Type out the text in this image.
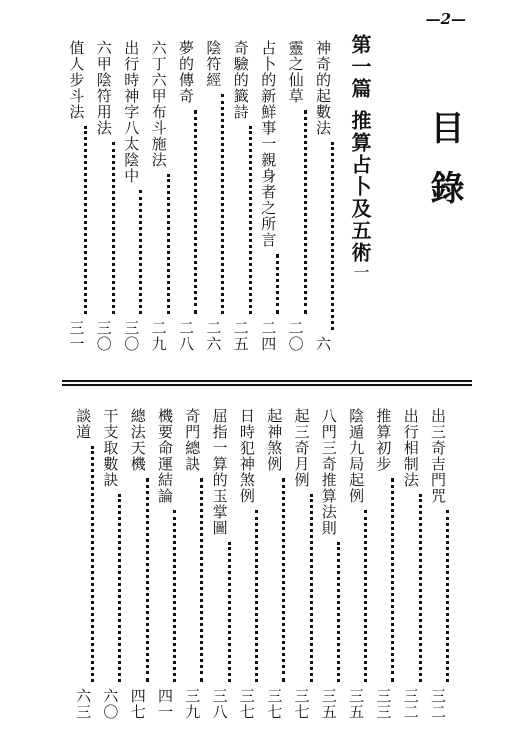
—2—
目錄
第一篇
推算占卜及五術
一
神奇的起數法
六
靈之仙草
二〇
占卜的新鮮事一親身者之所言
二四
奇驗的籤詩
二五
陰符經
二六
夢的傳奇
二八
六丁六甲布斗施法
二九
出行時神字八太陰中
三〇
六甲陰符用法
三〇
值人步斗法
三一
出三奇吉門咒
三二
出行相制法
三二
推算初步
三三
陰遁九局起例
三五
八門三奇推算法則
三五
起三奇月例
三七
起神煞例
三七
日時犯神煞例
三七
屈指一算的玉掌圖
三八
奇門總訣
三九
機要命運結論
四一
總法天機
四七
干支取數訣
六〇
談道
六三
